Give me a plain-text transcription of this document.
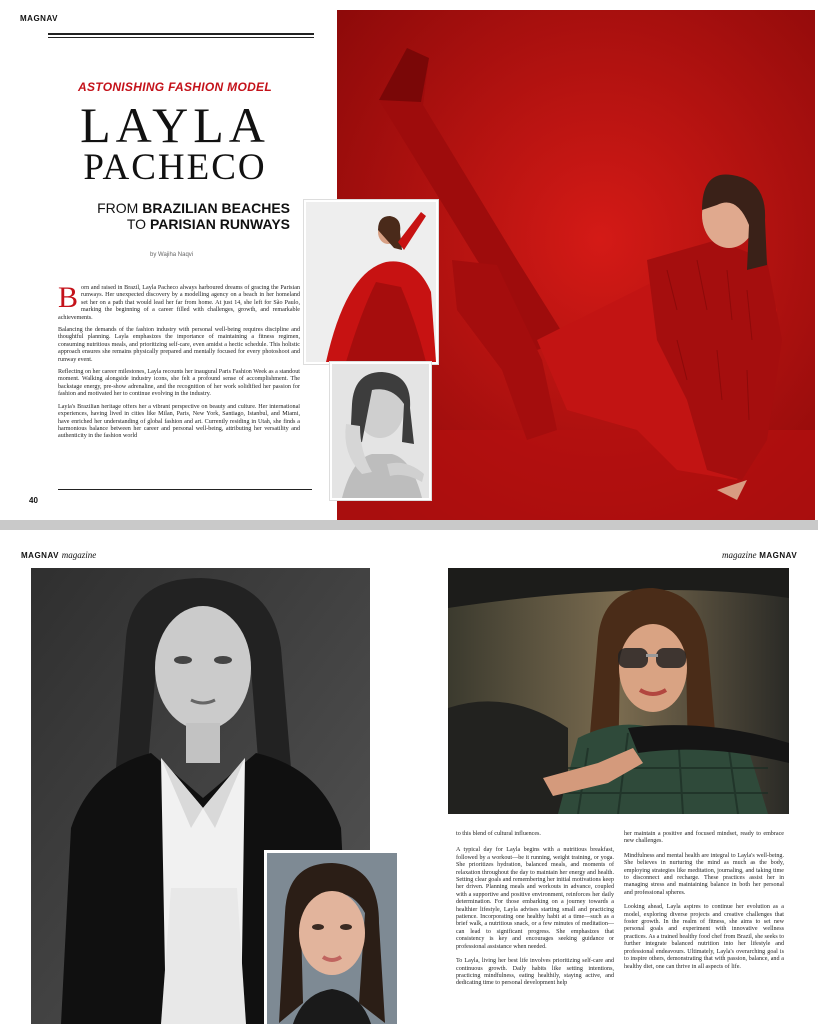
MAGNAV
ASTONISHING FASHION MODEL
LAYLA
PACHECO
FROM BRAZILIAN BEACHES
TO PARISIAN RUNWAYS
by Wajiha Naqvi

Born and raised in Brazil, Layla Pacheco always harboured dreams of gracing the Parisian runways. Her unexpected discovery by a modelling agency on a beach in her homeland set her on a path that would lead her far from home. At just 14, she left for São Paulo, marking the beginning of a career filled with challenges, growth, and remarkable achievements.

Balancing the demands of the fashion industry with personal well-being requires discipline and thoughtful planning. Layla emphasizes the importance of maintaining a fitness regimen, consuming nutritious meals, and prioritizing self-care, even amidst a hectic schedule. This holistic approach ensures she remains physically prepared and mentally focused for every photoshoot and runway event.

Reflecting on her career milestones, Layla recounts her inaugural Paris Fashion Week as a standout moment. Walking alongside industry icons, she felt a profound sense of accomplishment. The backstage energy, pre-show adrenaline, and the recognition of her work solidified her passion for fashion and motivated her to continue evolving in the industry.

Layla's Brazilian heritage offers her a vibrant perspective on beauty and culture. Her international experiences, having lived in cities like Milan, Paris, New York, Santiago, Istanbul, and Miami, have enriched her understanding of global fashion and art. Currently residing in Utah, she finds a harmonious balance between her career and personal well-being, attributing her versatility and authenticity in the fashion world

40
MAGNAV magazine	magazine MAGNAV

to this blend of cultural influences.

A typical day for Layla begins with a nutritious breakfast, followed by a workout—be it running, weight training, or yoga. She prioritizes hydration, balanced meals, and moments of relaxation throughout the day to maintain her energy and health. Setting clear goals and remembering her initial motivations keep her driven. Planning meals and workouts in advance, coupled with a supportive and positive environment, reinforces her daily determination. For those embarking on a journey towards a healthier lifestyle, Layla advises starting small and practicing patience. Incorporating one healthy habit at a time—such as a brief walk, a nutritious snack, or a few minutes of meditation—can lead to significant progress. She emphasizes that consistency is key and encourages seeking guidance or professional assistance when needed.

To Layla, living her best life involves prioritizing self-care and continuous growth. Daily habits like setting intentions, practicing mindfulness, eating healthily, staying active, and dedicating time to personal development help

her maintain a positive and focused mindset, ready to embrace new challenges.

Mindfulness and mental health are integral to Layla's well-being. She believes in nurturing the mind as much as the body, employing strategies like meditation, journaling, and taking time to disconnect and recharge. These practices assist her in managing stress and maintaining balance in both her personal and professional spheres.

Looking ahead, Layla aspires to continue her evolution as a model, exploring diverse projects and creative challenges that foster growth. In the realm of fitness, she aims to set new personal goals and experiment with innovative wellness practices. As a trained healthy food chef from Brazil, she seeks to further integrate balanced nutrition into her lifestyle and professional endeavours. Ultimately, Layla's overarching goal is to inspire others, demonstrating that with passion, balance, and a healthy diet, one can thrive in all aspects of life.
